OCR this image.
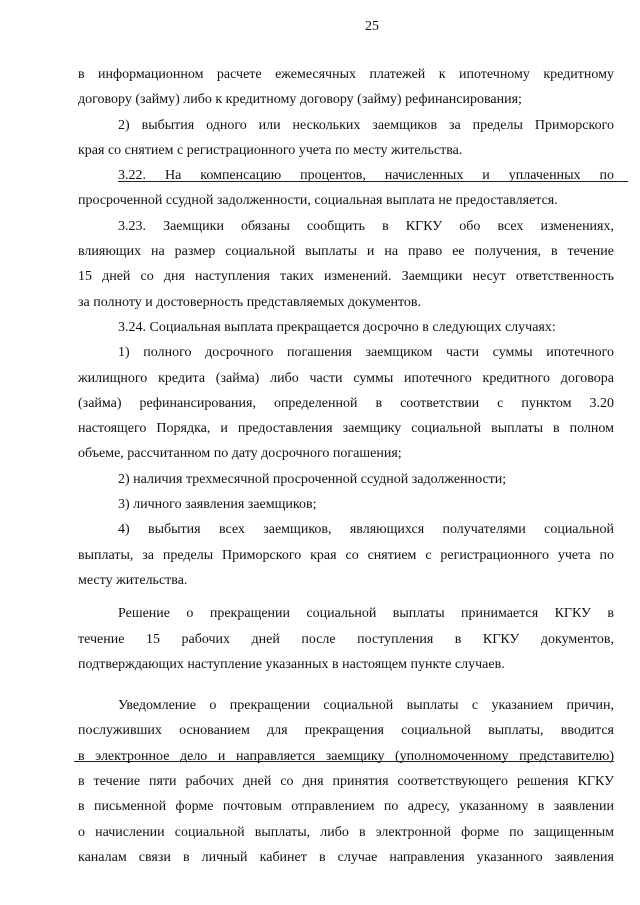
25

в информационном расчете ежемесячных платежей к ипотечному кредитному

договору (займу) либо к кредитному договору (займу) рефинансирования;

2) выбытия одного или нескольких заемщиков за пределы Приморского

края со снятием с регистрационного учета по месту жительства.

3.22. На компенсацию процентов, начисленных и уплаченных по

просроченной ссудной задолженности, социальная выплата не предоставляется.

3.23. Заемщики обязаны сообщить в КГКУ обо всех изменениях,

влияющих на размер социальной выплаты и на право ее получения, в течение

15 дней со дня наступления таких изменений. Заемщики несут ответственность

за полноту и достоверность представляемых документов.

3.24. Социальная выплата прекращается досрочно в следующих случаях:

1) полного досрочного погашения заемщиком части суммы ипотечного

жилищного кредита (займа) либо части суммы ипотечного кредитного договора

(займа) рефинансирования, определенной в соответствии с пунктом 3.20

настоящего Порядка, и предоставления заемщику социальной выплаты в полном

объеме, рассчитанном по дату досрочного погашения;

2) наличия трехмесячной просроченной ссудной задолженности;

3) личного заявления заемщиков;

4) выбытия всех заемщиков, являющихся получателями социальной

выплаты, за пределы Приморского края со снятием с регистрационного учета по

месту жительства.

Решение о прекращении социальной выплаты принимается КГКУ в

течение 15 рабочих дней после поступления в КГКУ документов,

подтверждающих наступление указанных в настоящем пункте случаев.

Уведомление о прекращении социальной выплаты с указанием причин,

послуживших основанием для прекращения социальной выплаты, вводится

в электронное дело и направляется заемщику (уполномоченному представителю)

в течение пяти рабочих дней со дня принятия соответствующего решения КГКУ

в письменной форме почтовым отправлением по адресу, указанному в заявлении

о начислении социальной выплаты, либо в электронной форме по защищенным

каналам связи в личный кабинет в случае направления указанного заявления
